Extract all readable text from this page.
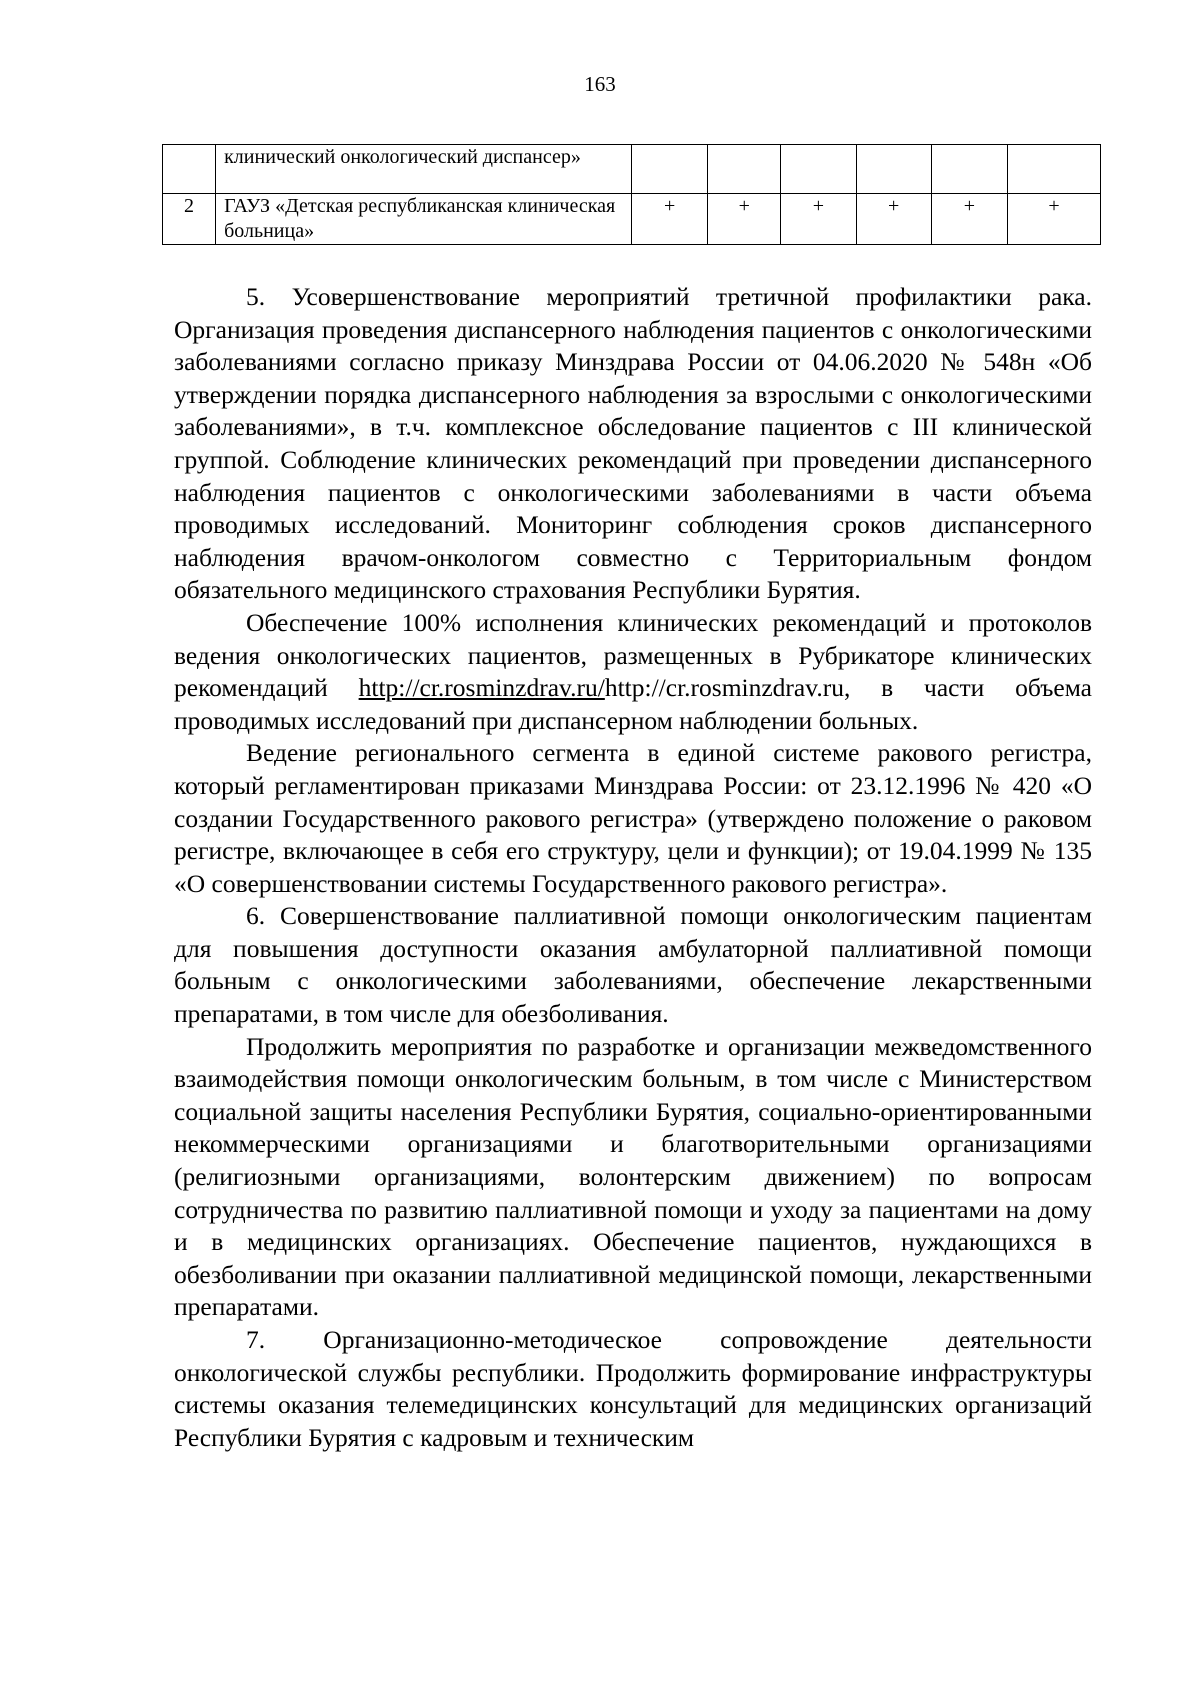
163
	клинический онкологический диспансер»						
2	ГАУЗ «Детская республиканская клиническая больница»	+	+	+	+	+	+

5. Усовершенствование мероприятий третичной профилактики рака. Организация проведения диспансерного наблюдения пациентов с онкологическими заболеваниями согласно приказу Минздрава России от 04.06.2020 № 548н «Об утверждении порядка диспансерного наблюдения за взрослыми с онкологическими заболеваниями», в т.ч. комплексное обследование пациентов с III клинической группой. Соблюдение клинических рекомендаций при проведении диспансерного наблюдения пациентов с онкологическими заболеваниями в части объема проводимых исследований. Мониторинг соблюдения сроков диспансерного наблюдения врачом-онкологом совместно с Территориальным фондом обязательного медицинского страхования Республики Бурятия.

Обеспечение 100% исполнения клинических рекомендаций и протоколов ведения онкологических пациентов, размещенных в Рубрикаторе клинических рекомендаций http://cr.rosminzdrav.ru/http://cr.rosminzdrav.ru, в части объема проводимых исследований при диспансерном наблюдении больных.

Ведение регионального сегмента в единой системе ракового регистра, который регламентирован приказами Минздрава России: от 23.12.1996 № 420 «О создании Государственного ракового регистра» (утверждено положение о раковом регистре, включающее в себя его структуру, цели и функции); от 19.04.1999 № 135 «О совершенствовании системы Государственного ракового регистра».

6. Совершенствование паллиативной помощи онкологическим пациентам для повышения доступности оказания амбулаторной паллиативной помощи больным с онкологическими заболеваниями, обеспечение лекарственными препаратами, в том числе для обезболивания.

Продолжить мероприятия по разработке и организации межведомственного взаимодействия помощи онкологическим больным, в том числе с Министерством социальной защиты населения Республики Бурятия, социально-ориентированными некоммерческими организациями и благотворительными организациями (религиозными организациями, волонтерским движением) по вопросам сотрудничества по развитию паллиативной помощи и уходу за пациентами на дому и в медицинских организациях. Обеспечение пациентов, нуждающихся в обезболивании при оказании паллиативной медицинской помощи, лекарственными препаратами.

7. Организационно-методическое сопровождение деятельности онкологической службы республики. Продолжить формирование инфраструктуры системы оказания телемедицинских консультаций для медицинских организаций Республики Бурятия с кадровым и техническим
